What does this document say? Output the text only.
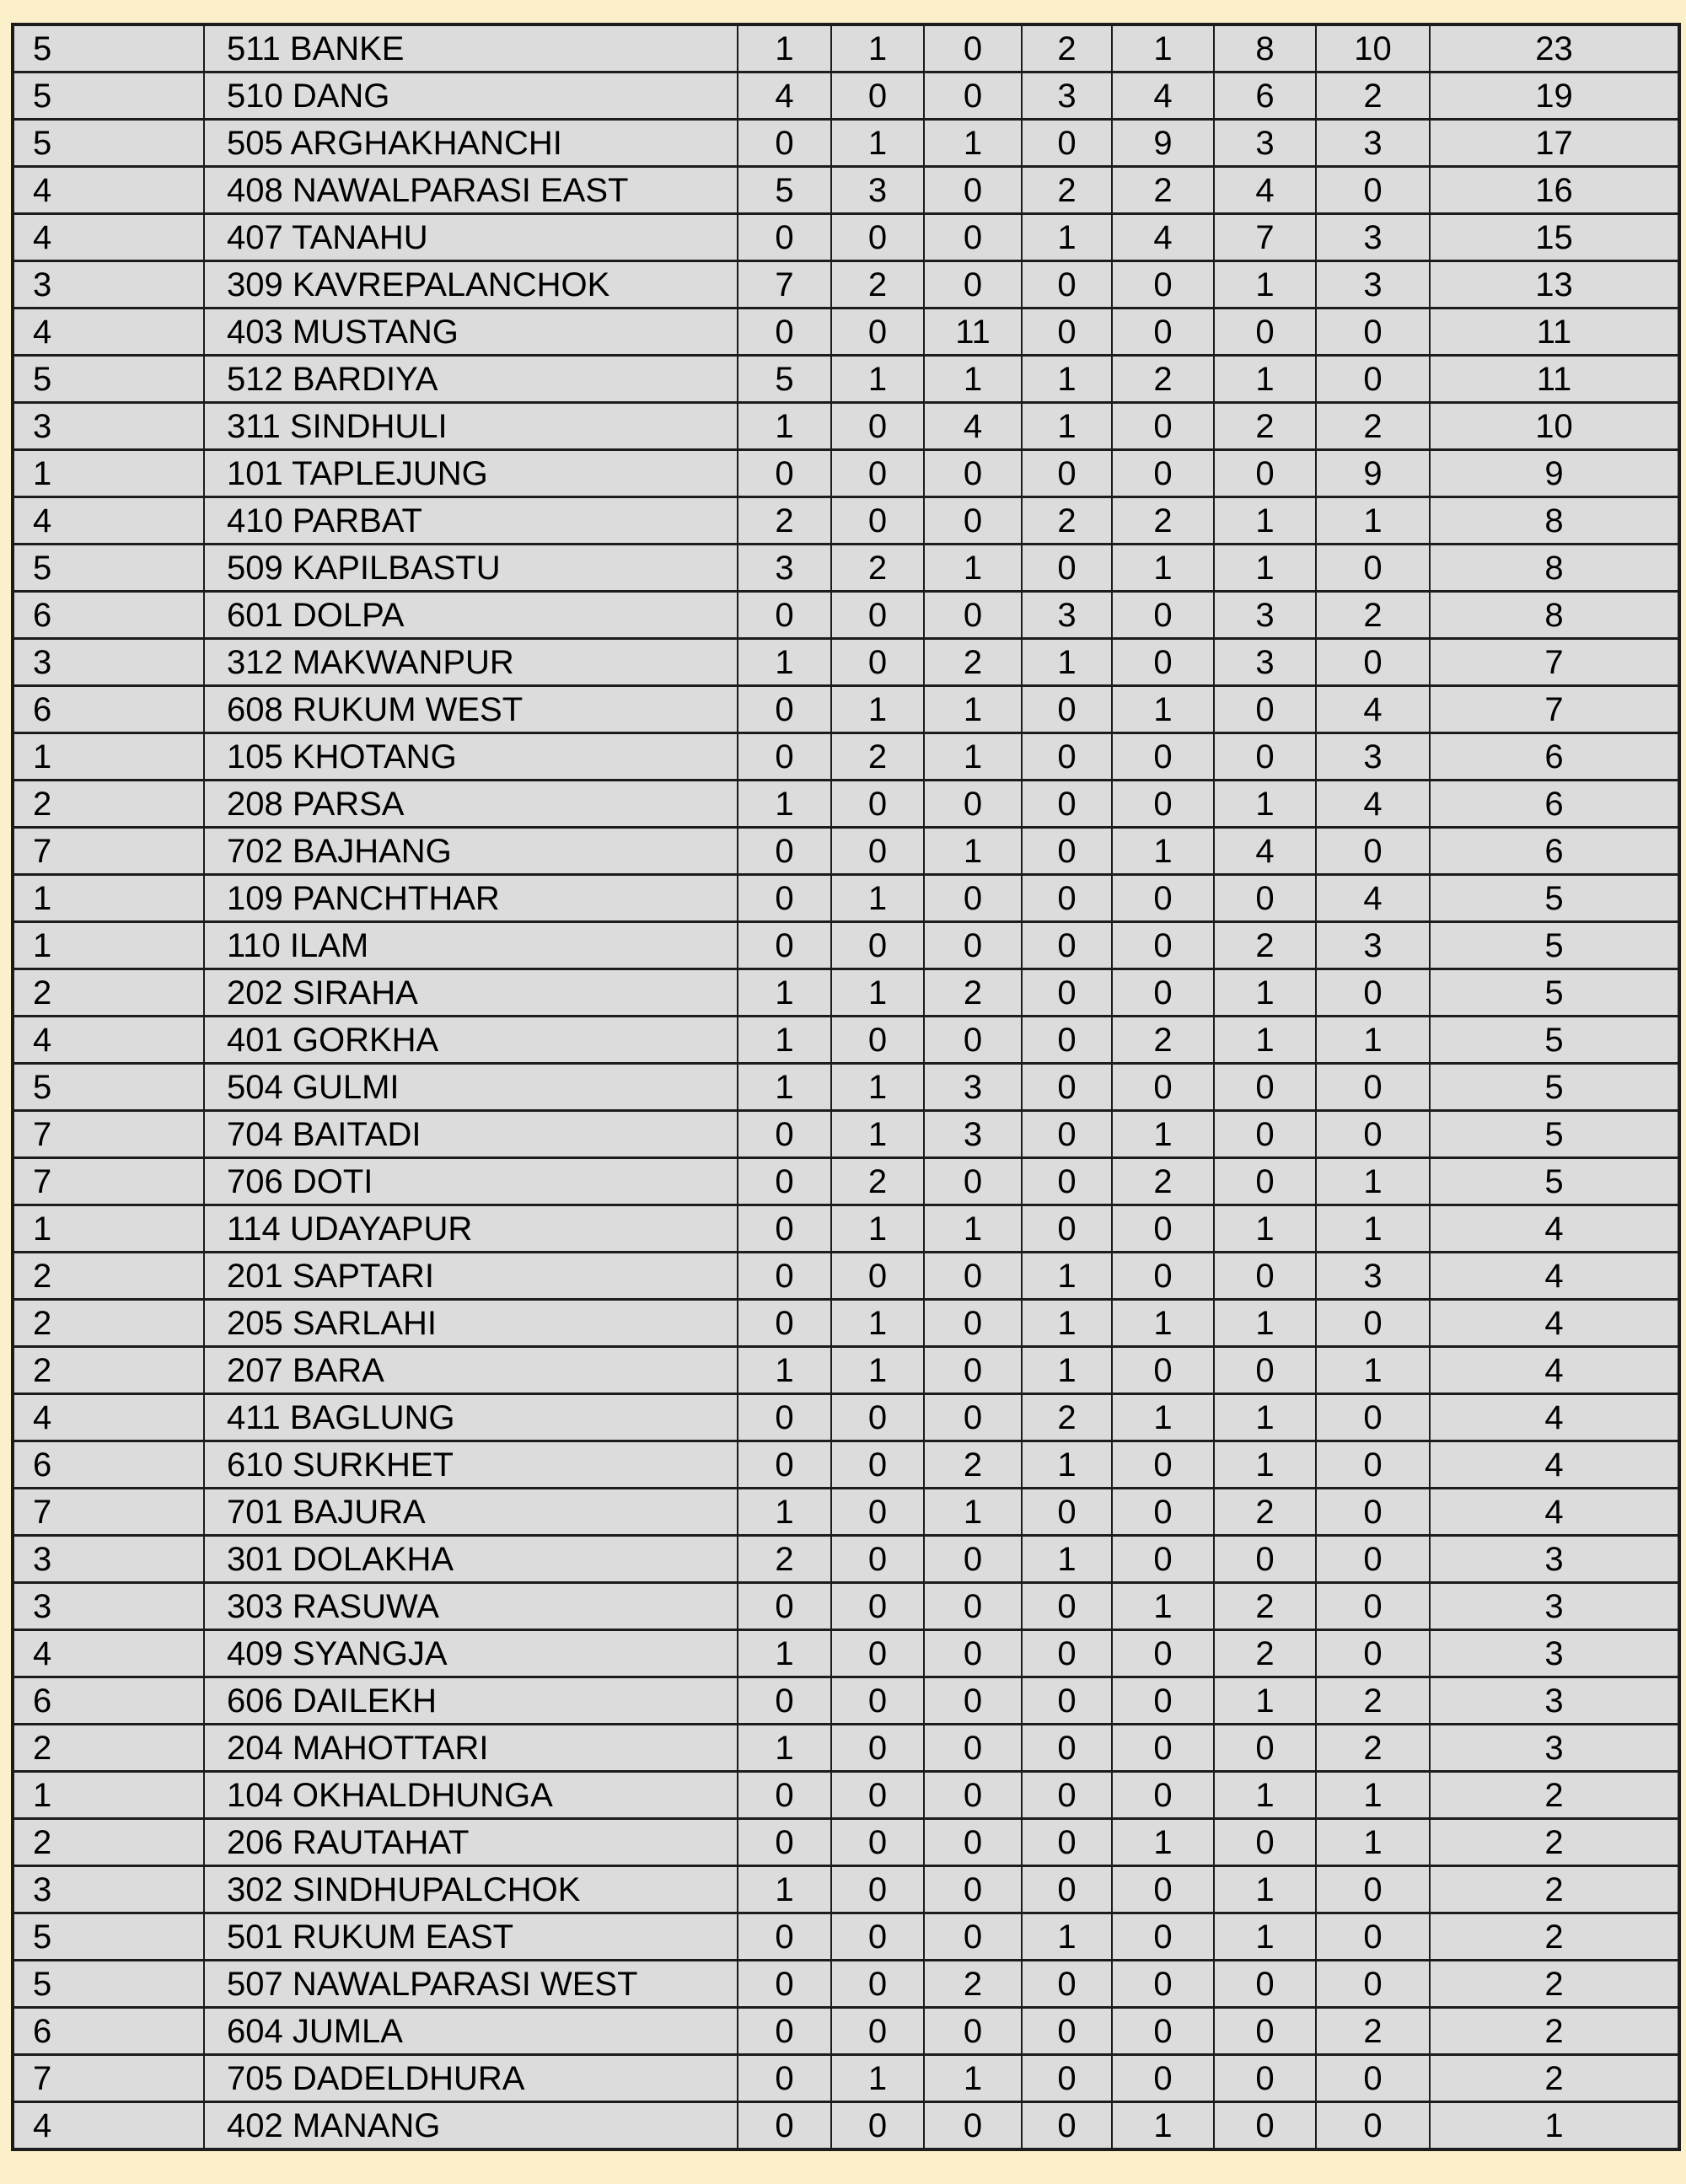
5	511 BANKE	1	1	0	2	1	8	10	23
5	510 DANG	4	0	0	3	4	6	2	19
5	505 ARGHAKHANCHI	0	1	1	0	9	3	3	17
4	408 NAWALPARASI EAST	5	3	0	2	2	4	0	16
4	407 TANAHU	0	0	0	1	4	7	3	15
3	309 KAVREPALANCHOK	7	2	0	0	0	1	3	13
4	403 MUSTANG	0	0	11	0	0	0	0	11
5	512 BARDIYA	5	1	1	1	2	1	0	11
3	311 SINDHULI	1	0	4	1	0	2	2	10
1	101 TAPLEJUNG	0	0	0	0	0	0	9	9
4	410 PARBAT	2	0	0	2	2	1	1	8
5	509 KAPILBASTU	3	2	1	0	1	1	0	8
6	601 DOLPA	0	0	0	3	0	3	2	8
3	312 MAKWANPUR	1	0	2	1	0	3	0	7
6	608 RUKUM WEST	0	1	1	0	1	0	4	7
1	105 KHOTANG	0	2	1	0	0	0	3	6
2	208 PARSA	1	0	0	0	0	1	4	6
7	702 BAJHANG	0	0	1	0	1	4	0	6
1	109 PANCHTHAR	0	1	0	0	0	0	4	5
1	110 ILAM	0	0	0	0	0	2	3	5
2	202 SIRAHA	1	1	2	0	0	1	0	5
4	401 GORKHA	1	0	0	0	2	1	1	5
5	504 GULMI	1	1	3	0	0	0	0	5
7	704 BAITADI	0	1	3	0	1	0	0	5
7	706 DOTI	0	2	0	0	2	0	1	5
1	114 UDAYAPUR	0	1	1	0	0	1	1	4
2	201 SAPTARI	0	0	0	1	0	0	3	4
2	205 SARLAHI	0	1	0	1	1	1	0	4
2	207 BARA	1	1	0	1	0	0	1	4
4	411 BAGLUNG	0	0	0	2	1	1	0	4
6	610 SURKHET	0	0	2	1	0	1	0	4
7	701 BAJURA	1	0	1	0	0	2	0	4
3	301 DOLAKHA	2	0	0	1	0	0	0	3
3	303 RASUWA	0	0	0	0	1	2	0	3
4	409 SYANGJA	1	0	0	0	0	2	0	3
6	606 DAILEKH	0	0	0	0	0	1	2	3
2	204 MAHOTTARI	1	0	0	0	0	0	2	3
1	104 OKHALDHUNGA	0	0	0	0	0	1	1	2
2	206 RAUTAHAT	0	0	0	0	1	0	1	2
3	302 SINDHUPALCHOK	1	0	0	0	0	1	0	2
5	501 RUKUM EAST	0	0	0	1	0	1	0	2
5	507 NAWALPARASI WEST	0	0	2	0	0	0	0	2
6	604 JUMLA	0	0	0	0	0	0	2	2
7	705 DADELDHURA	0	1	1	0	0	0	0	2
4	402 MANANG	0	0	0	0	1	0	0	1
